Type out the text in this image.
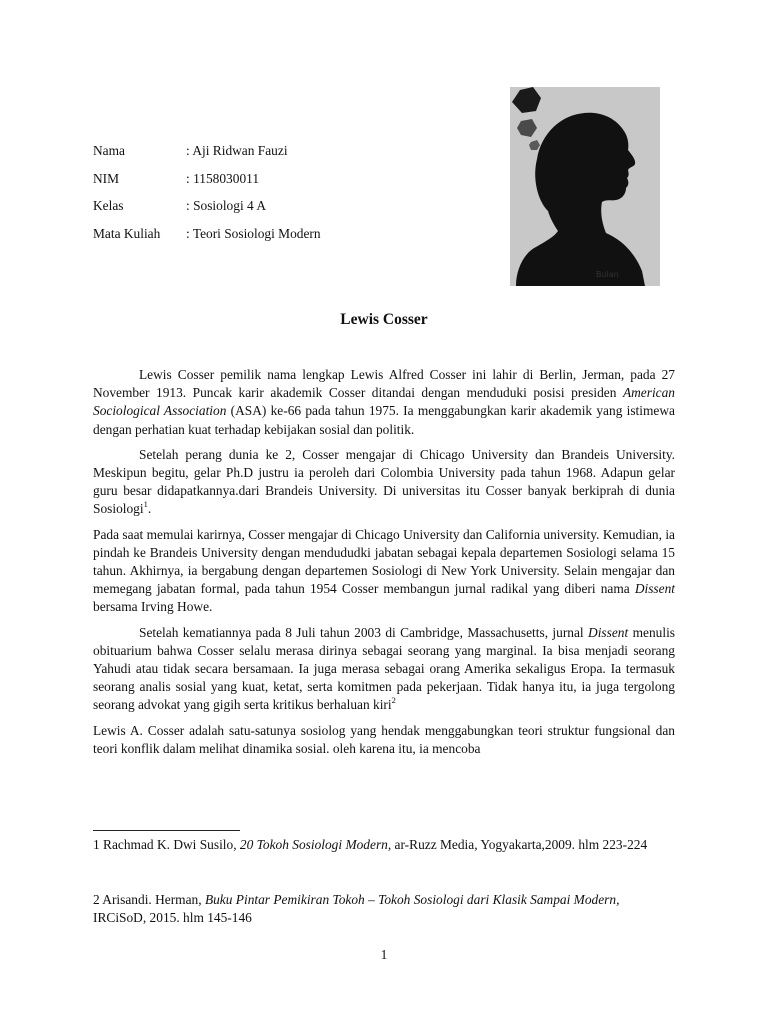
Nama	: Aji Ridwan Fauzi
NIM	: 1158030011
Kelas	: Sosiologi 4 A
Mata Kuliah : Teori Sosiologi Modern
Bulan
Lewis Cosser

Lewis Cosser pemilik nama lengkap Lewis Alfred Cosser ini lahir di Berlin, Jerman, pada 27 November 1913. Puncak karir akademik Cosser ditandai dengan menduduki posisi presiden American Sociological Association (ASA) ke-66 pada tahun 1975. Ia menggabungkan karir akademik yang istimewa dengan perhatian kuat terhadap kebijakan sosial dan politik.

Setelah perang dunia ke 2, Cosser mengajar di Chicago University dan Brandeis University. Meskipun begitu, gelar Ph.D justru ia peroleh dari Colombia University pada tahun 1968. Adapun gelar guru besar didapatkannya.dari Brandeis University. Di universitas itu Cosser banyak berkiprah di dunia Sosiologi$^1$.

Pada saat memulai karirnya, Cosser mengajar di Chicago University dan California university. Kemudian, ia pindah ke Brandeis University dengan mendududki jabatan sebagai kepala departemen Sosiologi selama 15 tahun. Akhirnya, ia bergabung dengan departemen Sosiologi di New York University. Selain mengajar dan memegang jabatan formal, pada tahun 1954 Cosser membangun jurnal radikal yang diberi nama Dissent bersama Irving Howe.

Setelah kematiannya pada 8 Juli tahun 2003 di Cambridge, Massachusetts, jurnal Dissent menulis obituarium bahwa Cosser selalu merasa dirinya sebagai seorang yang marginal. Ia bisa menjadi seorang Yahudi atau tidak secara bersamaan. Ia juga merasa sebagai orang Amerika sekaligus Eropa. Ia termasuk seorang analis sosial yang kuat, ketat, serta komitmen pada pekerjaan. Tidak hanya itu, ia juga tergolong seorang advokat yang gigih serta kritikus berhaluan kiri$^2$

Lewis A. Cosser adalah satu-satunya sosiolog yang hendak menggabungkan teori struktur fungsional dan teori konflik dalam melihat dinamika sosial. oleh karena itu, ia mencoba

1 Rachmad K. Dwi Susilo, 20 Tokoh Sosiologi Modern, ar-Ruzz Media, Yogyakarta,2009. hlm 223-224
2 Arisandi. Herman, Buku Pintar Pemikiran Tokoh – Tokoh Sosiologi dari Klasik Sampai Modern, IRCiSoD, 2015. hlm 145-146
1
